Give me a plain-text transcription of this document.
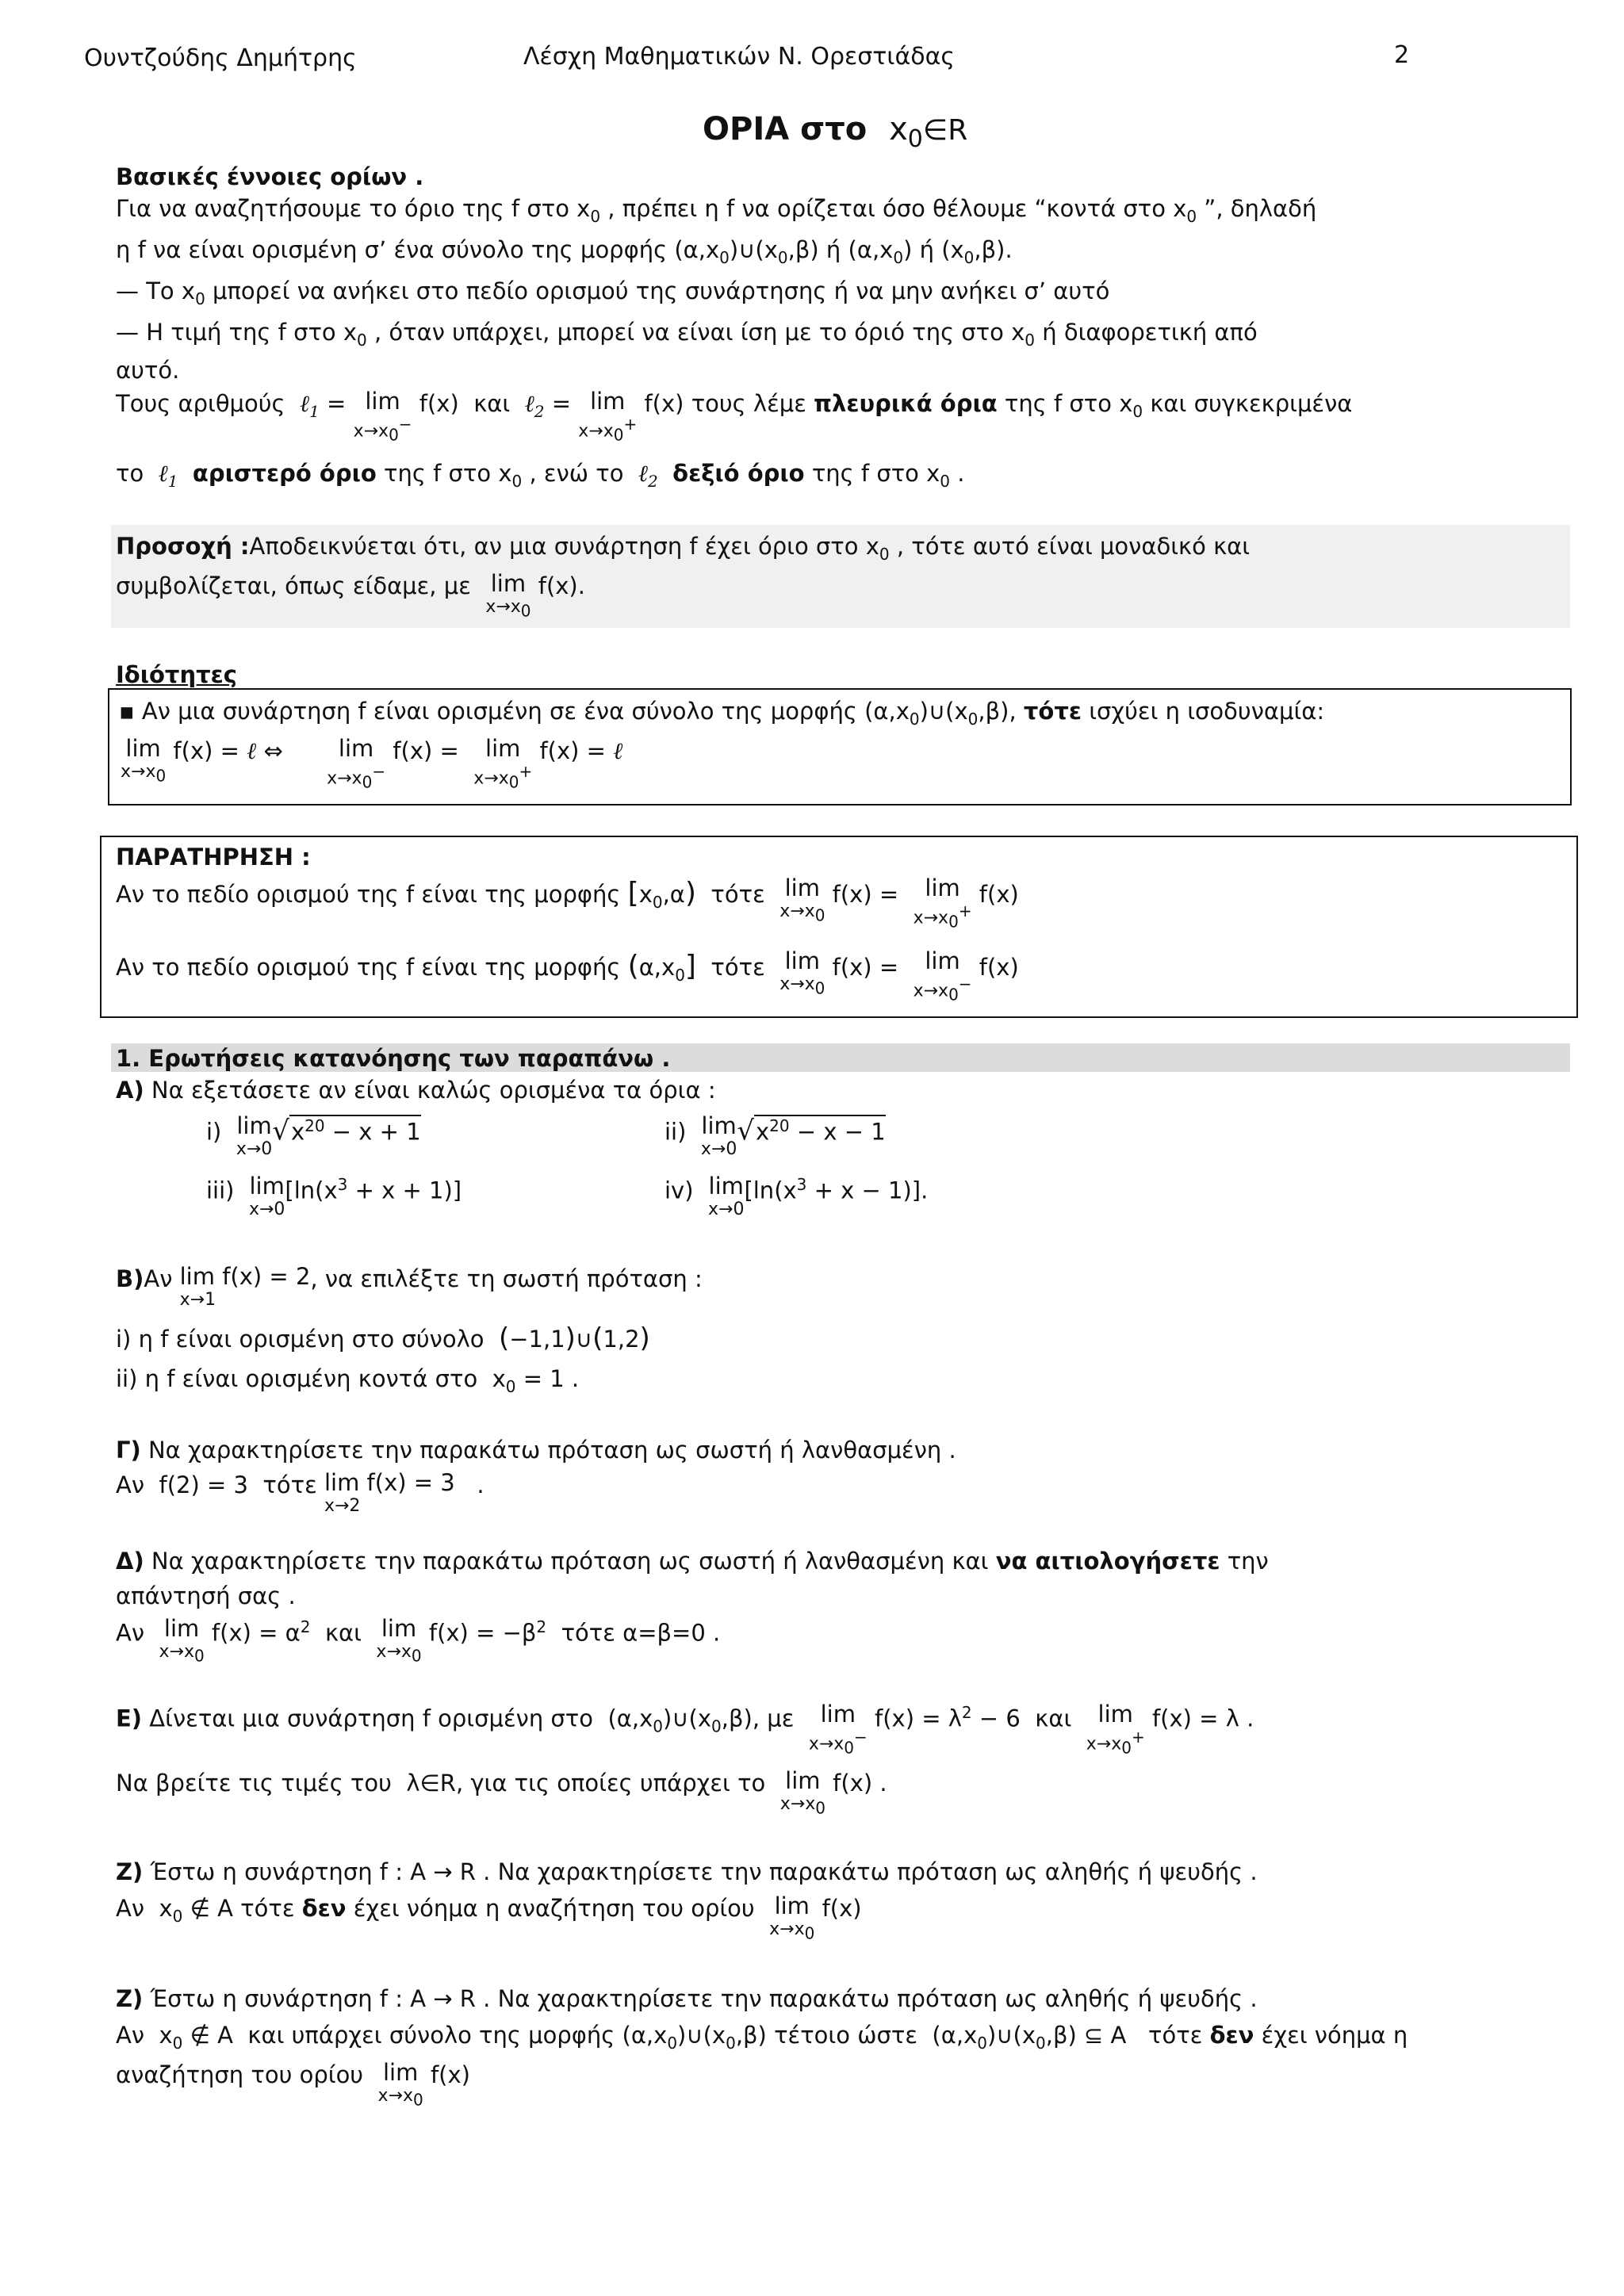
Ουντζούδης Δημήτρης	Λέσχη Μαθηματικών Ν. Ορεστιάδας	2
ΟΡΙΑ στο $x_0\in R$
Βασικές έννοιες ορίων .
Για να αναζητήσουμε το όριο της f στο $x_0$ , πρέπει η f να ορίζεται όσο θέλουμε “κοντά στο $x_0$ ”, δηλαδή
η f να είναι ορισμένη σ’ ένα σύνολο της μορφής $(\alpha,x_0)\cup(x_0,\beta)$ ή $(\alpha,x_0)$ ή $(x_0,\beta)$.
— Το $x_0$ μπορεί να ανήκει στο πεδίο ορισμού της συνάρτησης ή να μην ανήκει σ’ αυτό
— Η τιμή της f στο $x_0$ , όταν υπάρχει, μπορεί να είναι ίση με το όριό της στο $x_0$ ή διαφορετική από
αυτό.
Τους αριθμούς ℓ$_1$ = lim
$x\to x_0^-$
f(x)  και ℓ$_2$ = lim
$x\to x_0^+$
f(x) τους λέμε πλευρικά όρια της f στο $x_0$ και συγκεκριμένα
το ℓ$_1$ αριστερό όριο της f στο $x_0$ , ενώ το ℓ$_2$ δεξιό όριο της f στο $x_0$ .
Προσοχή :Αποδεικνύεται ότι, αν μια συνάρτηση f έχει όριο στο $x_0$ , τότε αυτό είναι μοναδικό και
συμβολίζεται, όπως είδαμε, με lim
$x\to x_0$
f(x).
Ιδιότητες
▪ Αν μια συνάρτηση f είναι ορισμένη σε ένα σύνολο της μορφής $(\alpha,x_0)\cup(x_0,\beta)$, τότε ισχύει η ισοδυναμία:
lim
$x\to x_0$
f(x) = ℓ ⇔ lim
$x\to x_0^-$
f(x) = lim
$x\to x_0^+$
f(x) = ℓ
ΠΑΡΑΤΗΡΗΣΗ :
Αν το πεδίο ορισμού της f είναι της μορφής $[x_0,\alpha)$ τότε lim
$x\to x_0$
f(x) = lim
$x\to x_0^+$
f(x)
Αν το πεδίο ορισμού της f είναι της μορφής $(\alpha,x_0]$ τότε lim
$x\to x_0$
f(x) = lim
$x\to x_0^-$
f(x)
1. Ερωτήσεις κατανόησης των παραπάνω .
Α) Να εξετάσετε αν είναι καλώς ορισμένα τα όρια :
i) lim
x→0
$√x^{20} - x + 1$	ii) lim
x→0
$√x^{20} - x - 1$
iii) lim
x→0
$[\ln(x^3 + x + 1)]$	iv) lim
x→0
$[\ln(x^3 + x - 1)]$.
Β)Αν lim f(x) = 2
x→1
, να επιλέξτε τη σωστή πρόταση :
i) η f είναι ορισμένη στο σύνολο (−1,1)∪(1,2)
ii) η f είναι ορισμένη κοντά στο  $x_0 = 1$ .
Γ) Να χαρακτηρίσετε την παρακάτω πρόταση ως σωστή ή λανθασμένη .
Αν  f(2) = 3  τότε lim f(x) = 3
x→2
.
Δ) Να χαρακτηρίσετε την παρακάτω πρόταση ως σωστή ή λανθασμένη και να αιτιολογήσετε την
απάντησή σας .
Αν lim
$x\to x_0$
$f(x) = \alpha^2$ και lim
$x\to x_0$
$f(x) = -\beta^2$ τότε α=β=0 .
Ε) Δίνεται μια συνάρτηση f ορισμένη στο  $(\alpha,x_0)\cup(x_0,\beta)$, με	lim
$x\to x_0^-$
$f(x) = \lambda^2 - 6$  και	lim
$x\to x_0^+$
f(x) = λ .
Να βρείτε τις τιμές του  λ∈R, για τις οποίες υπάρχει το lim
$x\to x_0$
f(x) .
Ζ) Έστω η συνάρτηση f : A → R . Να χαρακτηρίσετε την παρακάτω πρόταση ως αληθής ή ψευδής .
Αν  $x_0$ ∉ A τότε δεν έχει νόημα η αναζήτηση του ορίου lim
$x\to x_0$
f(x)
Ζ) Έστω η συνάρτηση f : A → R . Να χαρακτηρίσετε την παρακάτω πρόταση ως αληθής ή ψευδής .
Αν  $x_0$ ∉ A  και υπάρχει σύνολο της μορφής $(\alpha,x_0)\cup(x_0,\beta)$ τέτοιο ώστε  $(\alpha,x_0)\cup(x_0,\beta)$ ⊆ A   τότε δεν έχει νόημα η
αναζήτηση του ορίου lim
$x\to x_0$
f(x)
